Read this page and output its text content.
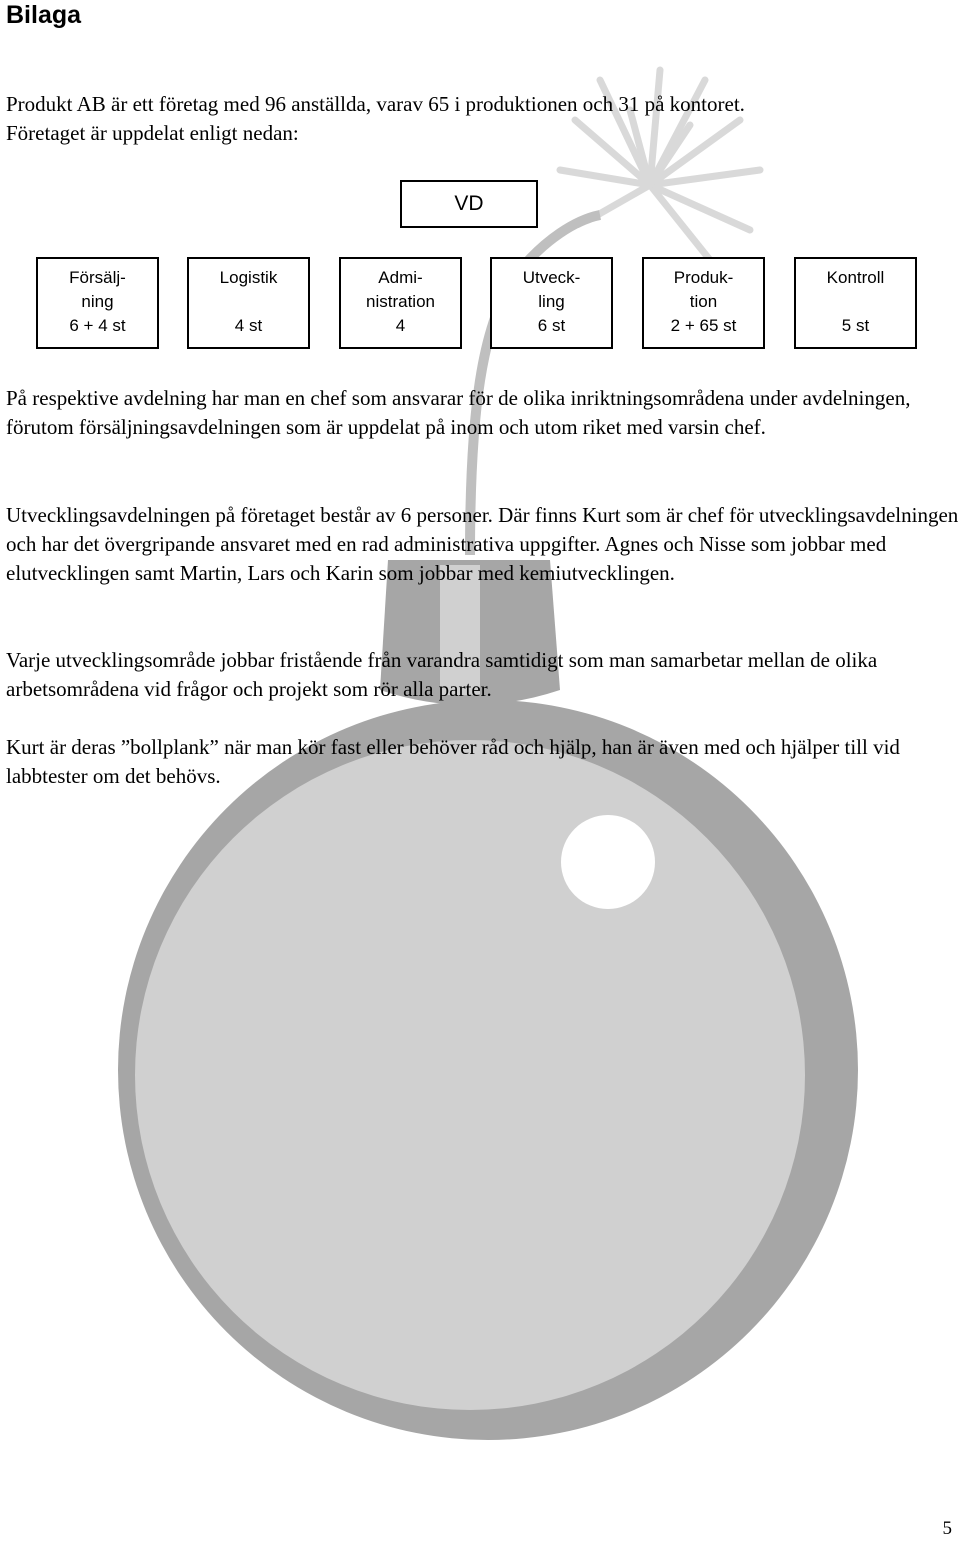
Bilaga

Produkt AB är ett företag med 96 anställda, varav 65 i produktionen och 31 på kontoret.
Företaget är uppdelat enligt nedan:

VD
Försälj-
ning
6 + 4 st
Logistik
4 st
Admi-
nistration
4
Utveck-
ling
6 st
Produk-
tion
2 + 65 st
Kontroll
5 st

På respektive avdelning har man en chef som ansvarar för de olika inriktningsområdena under avdelningen, förutom försäljningsavdelningen som är uppdelat på inom och utom riket med varsin chef.

Utvecklingsavdelningen på företaget består av 6 personer. Där finns Kurt som är chef för utvecklingsavdelningen och har det övergripande ansvaret med en rad administrativa uppgifter. Agnes och Nisse som jobbar med elutvecklingen samt Martin, Lars och Karin som jobbar med kemiutvecklingen.

Varje utvecklingsområde jobbar fristående från varandra samtidigt som man samarbetar mellan de olika arbetsområdena vid frågor och projekt som rör alla parter.

Kurt är deras ”bollplank” när man kör fast eller behöver råd och hjälp, han är även med och hjälper till vid labbtester om det behövs.

5
